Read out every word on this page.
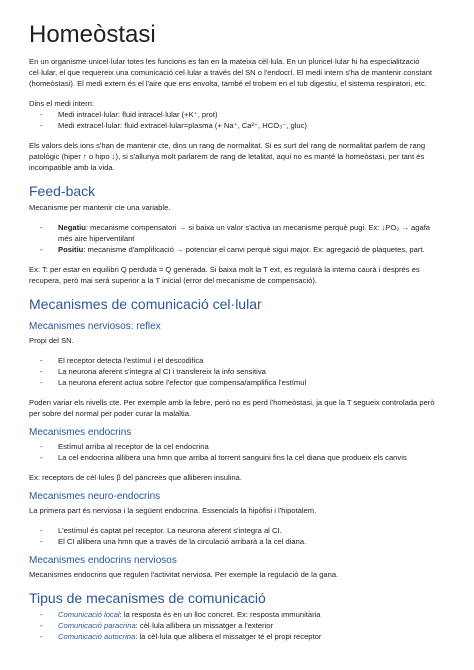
Homeòstasi

En un organisme unicel·lular totes les funcions es fan en la mateixa cèl·lula. En un pluricel·lular hi ha especialització cel·lular, el que requereix una comunicació cel·lular a través del SN o l'endocrí. El medi intern s'ha de mantenir constant (homeòstasi). El medi extern és el l'aire que ens envolta, també el trobem en el tub digestiu, el sistema respiratori, etc.

Dins el medi intern:

- Medi intracel·lular: fluid intracel·lular (+K⁺, prot)
- Medi extracel·lular: fluid extracel·lular=plasma (+ Na⁺, Ca²⁺, HCO₃⁻, gluc)

Els valors dels ions s'han de mantenir cte, dins un rang de normalitat. Si es surt del rang de normalitat parlem de rang patològic (hiper ↑ o hipo ↓), si s'allunya molt parlarem de rang de letalitat, aquí no es manté la homeòstasi, per tant és incompatible amb la vida.

Feed-back

Mecanisme per mantenir cte una variable.

- Negatiu: mecanisme compensatori → si baixa un valor s'activa un mecanisme perquè pugi. Ex: ↓PO₂ → agafa més aire hiperventilant
- Positiu: mecanisme d'amplificació → potenciar el canvi perquè sigui major. Ex: agregació de plaquetes, part.

Ex: T: per estar en equilibri Q perduda = Q generada. Si baixa molt la T ext, es regularà la interna caurà i després es recupera, però mai serà superior a la T inicial (error del mecanisme de compensació).

Mecanismes de comunicació cel·lular
Mecanismes nerviosos: reflex

Propi del SN.

- El receptor detecta l'estímul i el descodifica
- La neurona aferent s'integra al CI i transfereix la info sensitiva
- La neurona eferent actua sobre l'efector que compensa/amplifica l'estímul

Poden variar els nivells cte. Per exemple amb la febre, però no es perd l'homeòstasi, ja que la T segueix controlada però per sobre del normal per poder curar la malaltia.

Mecanismes endocrins
- Estímul arriba al receptor de la cel endocrina
- La cel endocrina allibera una hmn que arriba al torrent sanguini fins la cel diana que produeix els canvis

Ex: receptors de cèl·lules β del pàncrees que alliberen insulina.

Mecanismes neuro-endocrins

La primera part és nerviosa i la següent endocrina. Essencials la hipòfisi i l'hipotàlem.

- L'estímul és captat pel receptor. La neurona aferent s'integra al CI.
- El CI allibera una hmn que a través de la circulació arribarà a la cel diana.
Mecanismes endocrins nerviosos

Mecanismes endocrins que regulen l'activitat nerviosa. Per exemple la regulació de la gana.

Tipus de mecanismes de comunicació
- Comunicació local: la resposta és en un lloc concret. Ex: resposta immunitària
- Comunicació paracrina: cèl·lula allibera un missatger a l'exterior
- Comunicació autocrina: la cèl·lula que allibera el missatger té el propi receptor
